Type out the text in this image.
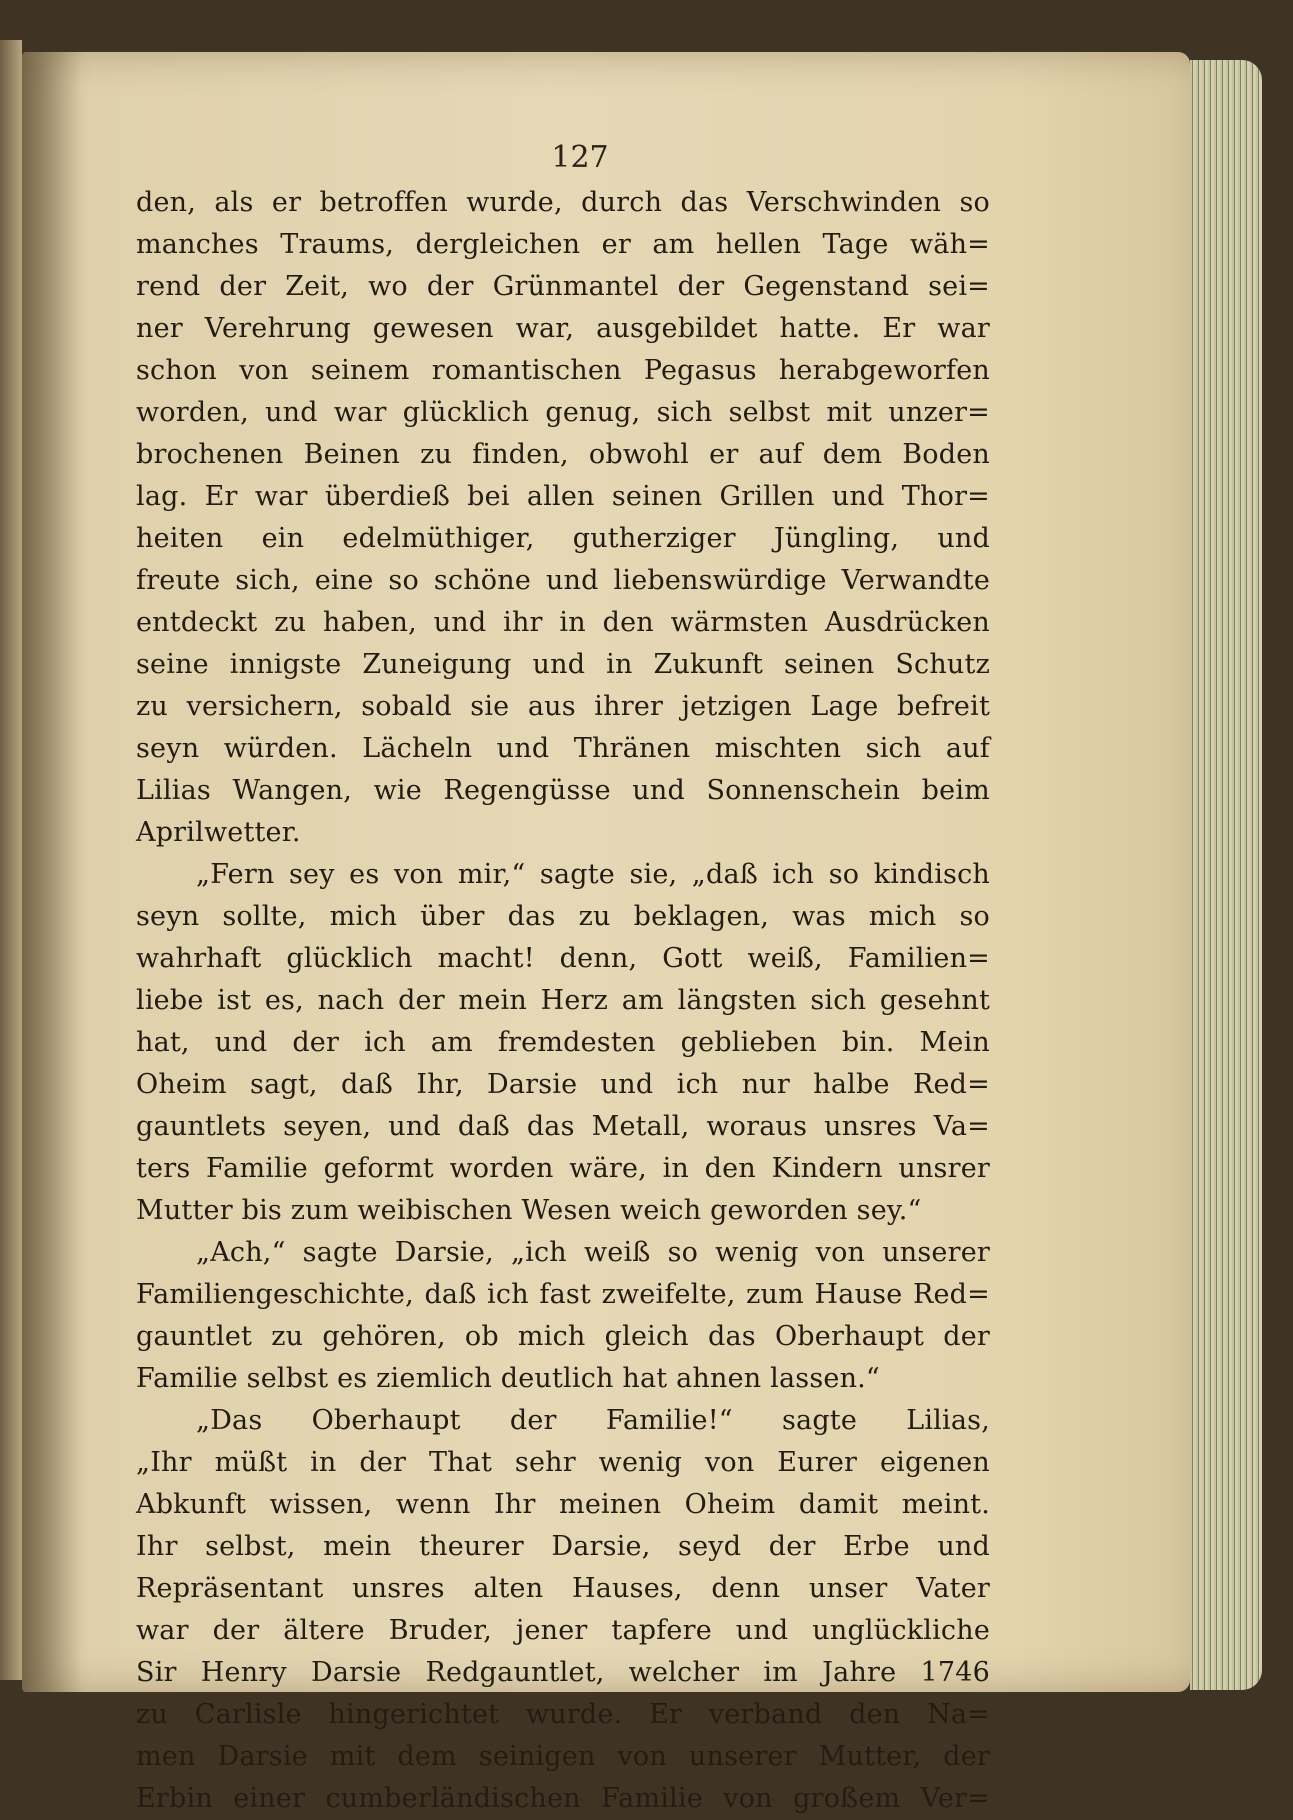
127
den, als er betroffen wurde, durch das Verschwinden so
manches Traums, dergleichen er am hellen Tage wäh=
rend der Zeit, wo der Grünmantel der Gegenstand sei=
ner Verehrung gewesen war, ausgebildet hatte. Er war
schon von seinem romantischen Pegasus herabgeworfen
worden, und war glücklich genug, sich selbst mit unzer=
brochenen Beinen zu finden, obwohl er auf dem Boden
lag. Er war überdieß bei allen seinen Grillen und Thor=
heiten ein edelmüthiger, gutherziger Jüngling, und
freute sich, eine so schöne und liebenswürdige Verwandte
entdeckt zu haben, und ihr in den wärmsten Ausdrücken
seine innigste Zuneigung und in Zukunft seinen Schutz
zu versichern, sobald sie aus ihrer jetzigen Lage befreit
seyn würden. Lächeln und Thränen mischten sich auf
Lilias Wangen, wie Regengüsse und Sonnenschein beim
Aprilwetter.
„Fern sey es von mir,“ sagte sie, „daß ich so kindisch
seyn sollte, mich über das zu beklagen, was mich so
wahrhaft glücklich macht! denn, Gott weiß, Familien=
liebe ist es, nach der mein Herz am längsten sich gesehnt
hat, und der ich am fremdesten geblieben bin. Mein
Oheim sagt, daß Ihr, Darsie und ich nur halbe Red=
gauntlets seyen, und daß das Metall, woraus unsres Va=
ters Familie geformt worden wäre, in den Kindern unsrer
Mutter bis zum weibischen Wesen weich geworden sey.“
„Ach,“ sagte Darsie, „ich weiß so wenig von unserer
Familiengeschichte, daß ich fast zweifelte, zum Hause Red=
gauntlet zu gehören, ob mich gleich das Oberhaupt der
Familie selbst es ziemlich deutlich hat ahnen lassen.“
„Das Oberhaupt der Familie!“ sagte Lilias,
„Ihr müßt in der That sehr wenig von Eurer eigenen
Abkunft wissen, wenn Ihr meinen Oheim damit meint.
Ihr selbst, mein theurer Darsie, seyd der Erbe und
Repräsentant unsres alten Hauses, denn unser Vater
war der ältere Bruder, jener tapfere und unglückliche
Sir Henry Darsie Redgauntlet, welcher im Jahre 1746
zu Carlisle hingerichtet wurde. Er verband den Na=
men Darsie mit dem seinigen von unserer Mutter, der
Erbin einer cumberländischen Familie von großem Ver=
